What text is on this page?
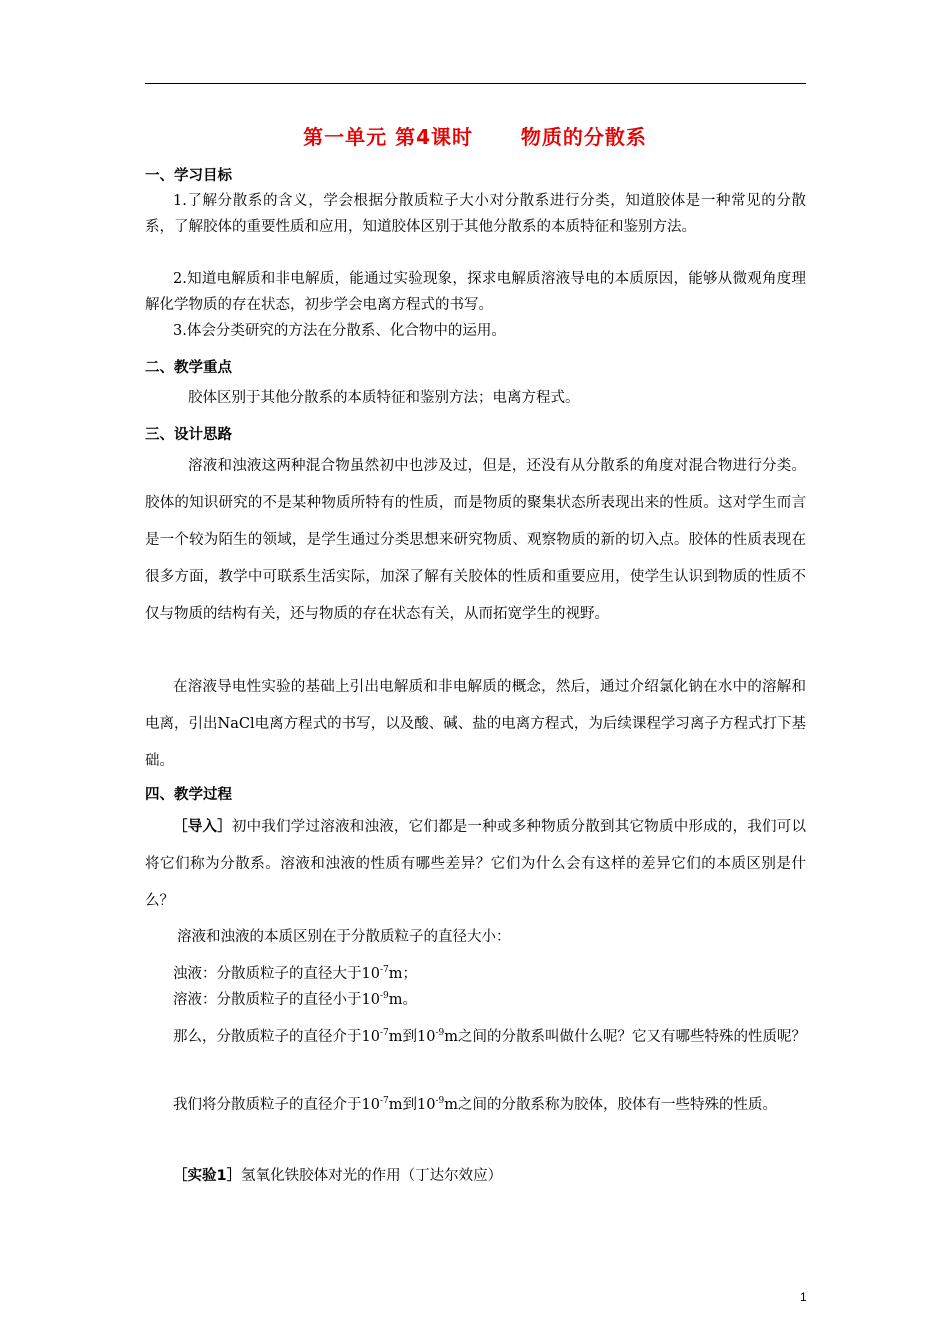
第一单元 第4课时      物质的分散系
一、学习目标
1.了解分散系的含义，学会根据分散质粒子大小对分散系进行分类，知道胶体是一种常见的分散系，了解胶体的重要性质和应用，知道胶体区别于其他分散系的本质特征和鉴别方法。
2.知道电解质和非电解质，能通过实验现象，探求电解质溶液导电的本质原因，能够从微观角度理解化学物质的存在状态，初步学会电离方程式的书写。
3.体会分类研究的方法在分散系、化合物中的运用。
二、教学重点
胶体区别于其他分散系的本质特征和鉴别方法；电离方程式。
三、设计思路
溶液和浊液这两种混合物虽然初中也涉及过，但是，还没有从分散系的角度对混合物进行分类。胶体的知识研究的不是某种物质所特有的性质，而是物质的聚集状态所表现出来的性质。这对学生而言是一个较为陌生的领域，是学生通过分类思想来研究物质、观察物质的新的切入点。胶体的性质表现在很多方面，教学中可联系生活实际，加深了解有关胶体的性质和重要应用，使学生认识到物质的性质不仅与物质的结构有关，还与物质的存在状态有关，从而拓宽学生的视野。
在溶液导电性实验的基础上引出电解质和非电解质的概念，然后，通过介绍氯化钠在水中的溶解和电离，引出NaCl电离方程式的书写，以及酸、碱、盐的电离方程式，为后续课程学习离子方程式打下基础。
四、教学过程
［导入］初中我们学过溶液和浊液，它们都是一种或多种物质分散到其它物质中形成的，我们可以将它们称为分散系。溶液和浊液的性质有哪些差异？它们为什么会有这样的差异它们的本质区别是什么？
溶液和浊液的本质区别在于分散质粒子的直径大小：
浊液：分散质粒子的直径大于$10^{-7}m$；
溶液：分散质粒子的直径小于$10^{-9}m$。
那么，分散质粒子的直径介于$10^{-7}m$到$10^{-9}m$之间的分散系叫做什么呢？它又有哪些特殊的性质呢？
我们将分散质粒子的直径介于$10^{-7}m$到$10^{-9}m$之间的分散系称为胶体，胶体有一些特殊的性质。
［实验1］氢氧化铁胶体对光的作用（丁达尔效应）
1
